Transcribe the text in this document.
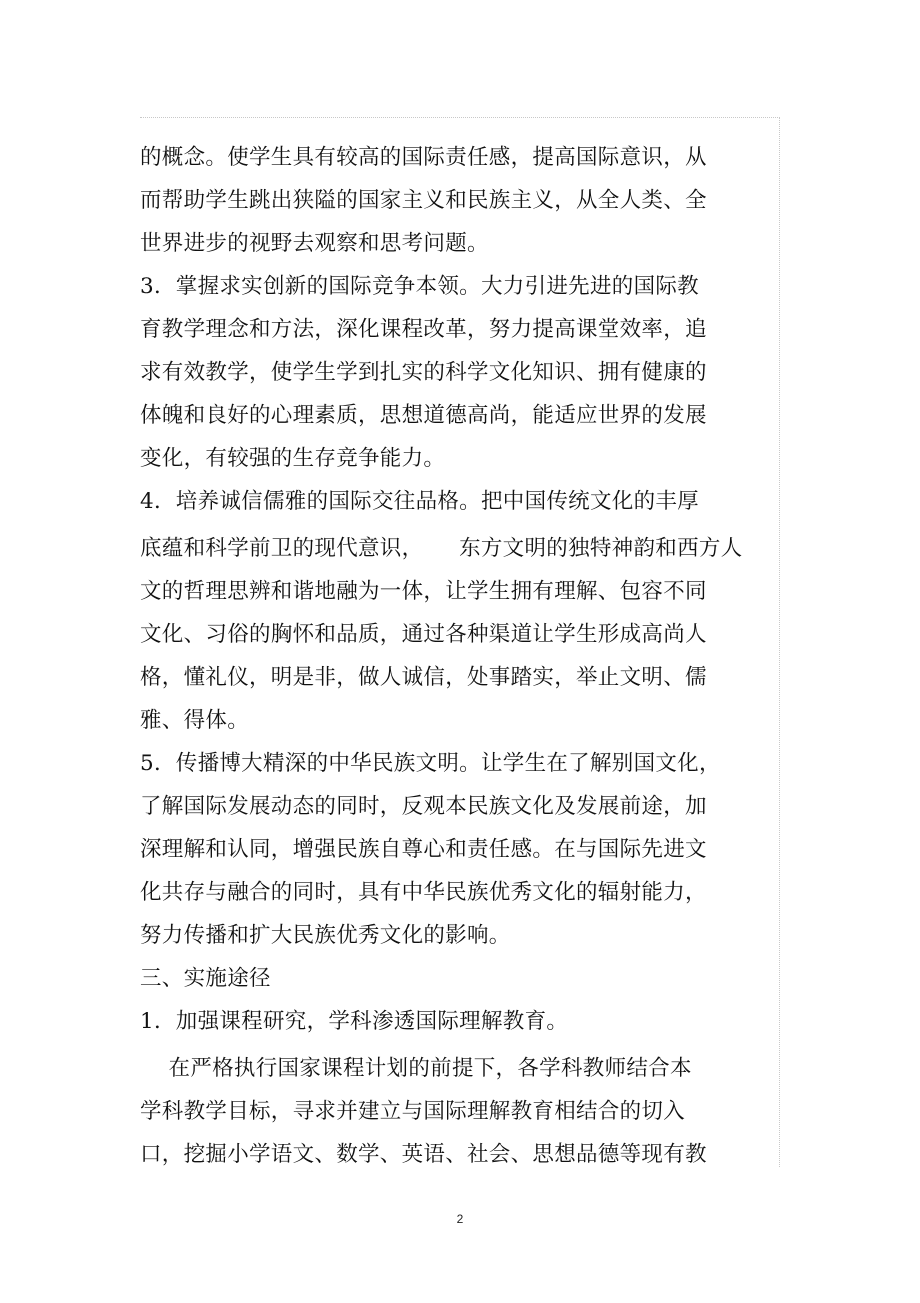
的概念。使学生具有较高的国际责任感，提高国际意识，从
而帮助学生跳出狭隘的国家主义和民族主义，从全人类、全
世界进步的视野去观察和思考问题。
3．掌握求实创新的国际竞争本领。大力引进先进的国际教
育教学理念和方法，深化课程改革，努力提高课堂效率，追
求有效教学，使学生学到扎实的科学文化知识、拥有健康的
体魄和良好的心理素质，思想道德高尚，能适应世界的发展
变化，有较强的生存竞争能力。
4．培养诚信儒雅的国际交往品格。把中国传统文化的丰厚
底蕴和科学前卫的现代意识，     东方文明的独特神韵和西方人
文的哲理思辨和谐地融为一体，让学生拥有理解、包容不同
文化、习俗的胸怀和品质，通过各种渠道让学生形成高尚人
格，懂礼仪，明是非，做人诚信，处事踏实，举止文明、儒
雅、得体。
5．传播博大精深的中华民族文明。让学生在了解别国文化，
了解国际发展动态的同时，反观本民族文化及发展前途，加
深理解和认同，增强民族自尊心和责任感。在与国际先进文
化共存与融合的同时，具有中华民族优秀文化的辐射能力，
努力传播和扩大民族优秀文化的影响。
三、实施途径
1．加强课程研究，学科渗透国际理解教育。
在严格执行国家课程计划的前提下，各学科教师结合本
学科教学目标，寻求并建立与国际理解教育相结合的切入
口，挖掘小学语文、数学、英语、社会、思想品德等现有教
2
